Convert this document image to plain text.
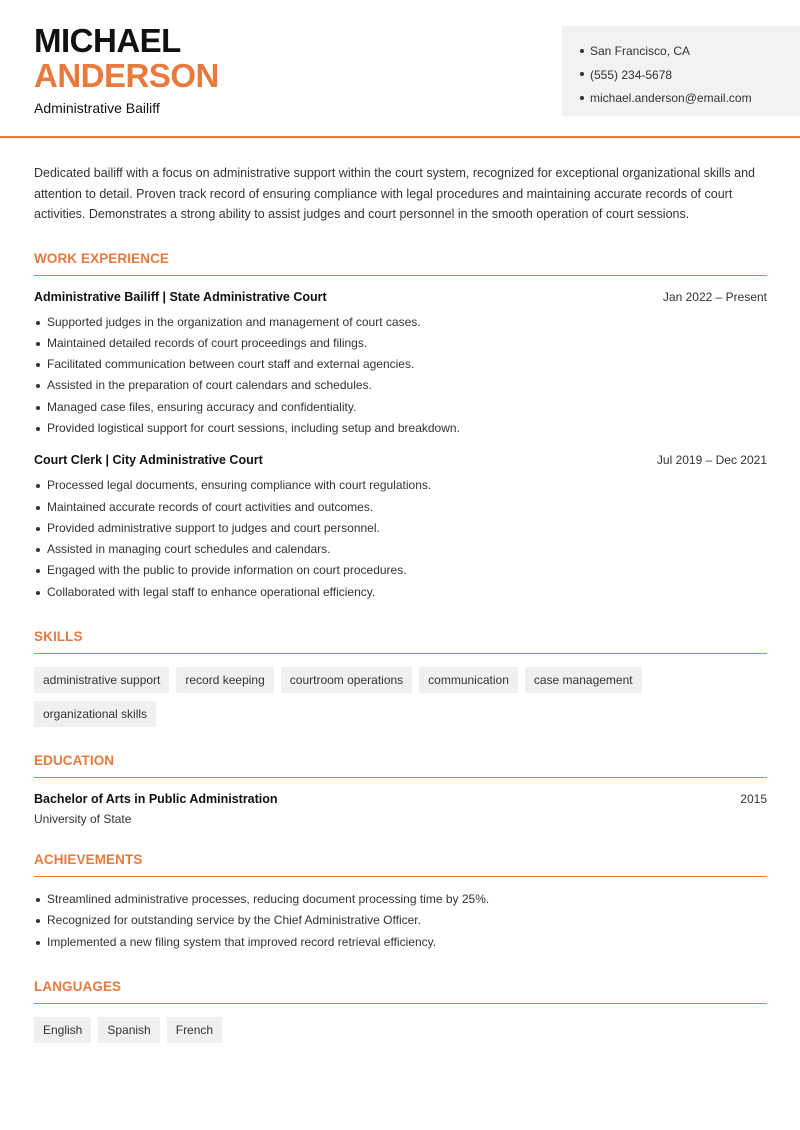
MICHAEL
ANDERSON
Administrative Bailiff
San Francisco, CA
(555) 234-5678
michael.anderson@email.com

Dedicated bailiff with a focus on administrative support within the court system, recognized for exceptional organizational skills and attention to detail. Proven track record of ensuring compliance with legal procedures and maintaining accurate records of court activities. Demonstrates a strong ability to assist judges and court personnel in the smooth operation of court sessions.

WORK EXPERIENCE
Administrative Bailiff | State Administrative Court	Jan 2022 – Present
Supported judges in the organization and management of court cases.
Maintained detailed records of court proceedings and filings.
Facilitated communication between court staff and external agencies.
Assisted in the preparation of court calendars and schedules.
Managed case files, ensuring accuracy and confidentiality.
Provided logistical support for court sessions, including setup and breakdown.
Court Clerk | City Administrative Court	Jul 2019 – Dec 2021
Processed legal documents, ensuring compliance with court regulations.
Maintained accurate records of court activities and outcomes.
Provided administrative support to judges and court personnel.
Assisted in managing court schedules and calendars.
Engaged with the public to provide information on court procedures.
Collaborated with legal staff to enhance operational efficiency.
SKILLS
administrative support	record keeping	courtroom operations	communication	case management
organizational skills
EDUCATION
Bachelor of Arts in Public Administration	2015
University of State
ACHIEVEMENTS
Streamlined administrative processes, reducing document processing time by 25%.
Recognized for outstanding service by the Chief Administrative Officer.
Implemented a new filing system that improved record retrieval efficiency.
LANGUAGES
English	Spanish	French
